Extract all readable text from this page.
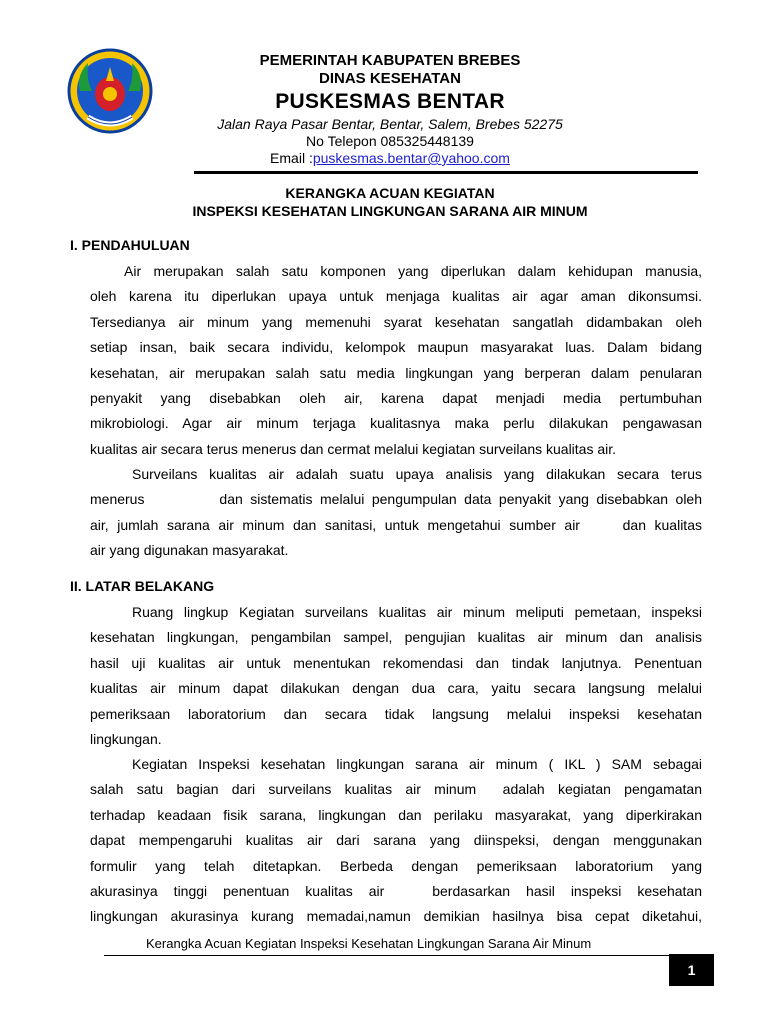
PEMERINTAH KABUPATEN BREBES
DINAS KESEHATAN
PUSKESMAS BENTAR
Jalan Raya Pasar Bentar, Bentar, Salem, Brebes 52275
No Telepon 085325448139
Email :puskesmas.bentar@yahoo.com
KERANGKA ACUAN KEGIATAN
INSPEKSI KESEHATAN LINGKUNGAN SARANA AIR MINUM
I. PENDAHULUAN
Air merupakan salah satu komponen yang diperlukan dalam kehidupan manusia,
oleh karena itu diperlukan upaya untuk menjaga kualitas air agar aman dikonsumsi.
Tersedianya air minum yang memenuhi syarat kesehatan sangatlah didambakan oleh
setiap insan, baik secara individu, kelompok maupun masyarakat luas. Dalam bidang
kesehatan, air merupakan salah satu media lingkungan yang berperan dalam penularan
penyakit yang disebabkan oleh air, karena dapat menjadi media pertumbuhan
mikrobiologi. Agar air minum terjaga kualitasnya maka perlu dilakukan pengawasan
kualitas air secara terus menerus dan cermat melalui kegiatan surveilans kualitas air.
Surveilans kualitas air adalah suatu upaya analisis yang dilakukan secara terus
menerus          dan sistematis melalui pengumpulan data penyakit yang disebabkan oleh
air, jumlah sarana air minum dan sanitasi, untuk mengetahui sumber air     dan kualitas
air yang digunakan masyarakat.
II. LATAR BELAKANG
Ruang lingkup Kegiatan surveilans kualitas air minum meliputi pemetaan, inspeksi
kesehatan lingkungan, pengambilan sampel, pengujian kualitas air minum dan analisis
hasil uji kualitas air untuk menentukan rekomendasi dan tindak lanjutnya. Penentuan
kualitas air minum dapat dilakukan dengan dua cara, yaitu secara langsung melalui
pemeriksaan laboratorium dan secara tidak langsung melalui inspeksi kesehatan
lingkungan.
Kegiatan Inspeksi kesehatan lingkungan sarana air minum ( IKL ) SAM sebagai
salah satu bagian dari surveilans kualitas air minum  adalah kegiatan pengamatan
terhadap keadaan fisik sarana, lingkungan dan perilaku masyarakat, yang diperkirakan
dapat mempengaruhi kualitas air dari sarana yang diinspeksi, dengan menggunakan
formulir yang telah ditetapkan. Berbeda dengan pemeriksaan laboratorium yang
akurasinya tinggi penentuan kualitas air   berdasarkan hasil inspeksi kesehatan
lingkungan akurasinya kurang memadai,namun demikian hasilnya bisa cepat diketahui,
Kerangka Acuan Kegiatan Inspeksi Kesehatan Lingkungan Sarana Air Minum
1
